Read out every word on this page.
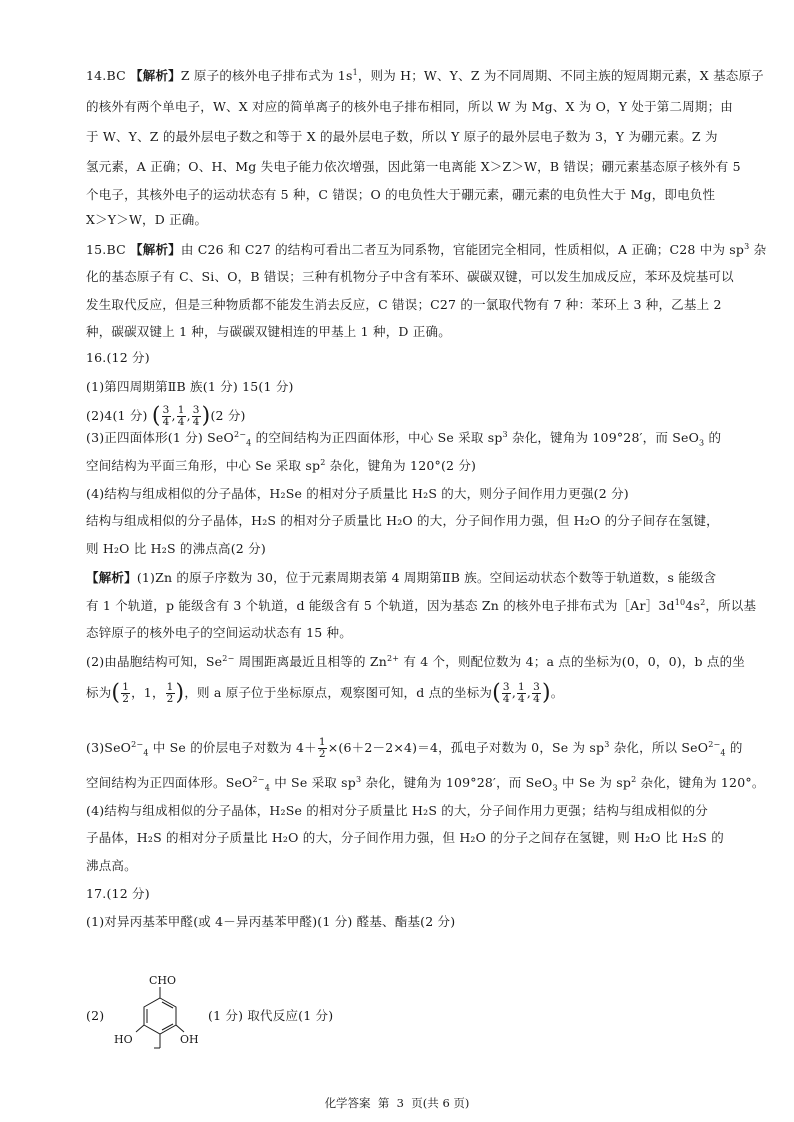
14.BC 【解析】Z 原子的核外电子排布式为 $1s^1$，则为 H；W、Y、Z 为不同周期、不同主族的短周期元素，X 基态原子
的核外有两个单电子，W、X 对应的简单离子的核外电子排布相同，所以 W 为 Mg、X 为 O，Y 处于第二周期；由
于 W、Y、Z 的最外层电子数之和等于 X 的最外层电子数，所以 Y 原子的最外层电子数为 3，Y 为硼元素。Z 为
氢元素，A 正确；O、H、Mg 失电子能力依次增强，因此第一电离能 X＞Z＞W，B 错误；硼元素基态原子核外有 5
个电子，其核外电子的运动状态有 5 种，C 错误；O 的电负性大于硼元素，硼元素的电负性大于 Mg，即电负性
X＞Y＞W，D 正确。
15.BC 【解析】由 C26 和 C27 的结构可看出二者互为同系物，官能团完全相同，性质相似，A 正确；C28 中为 $sp^3$ 杂
化的基态原子有 C、Si、O，B 错误；三种有机物分子中含有苯环、碳碳双键，可以发生加成反应，苯环及烷基可以
发生取代反应，但是三种物质都不能发生消去反应，C 错误；C27 的一氯取代物有 7 种：苯环上 3 种，乙基上 2
种，碳碳双键上 1 种，与碳碳双键相连的甲基上 1 种，D 正确。
16.(12 分)
(1)第四周期第ⅡB 族(1 分) 15(1 分)
(2)4(1 分) ( $\frac{3}{4}$ , $\frac{1}{4}$ , $\frac{3}{4} )(2$ 分)
(3)正四面体形(1 分) SeO$^{2-}_4$ 的空间结构为正四面体形，中心 Se 采取 $sp^3$ 杂化，键角为 109°28′，而 SeO$_3$ 的
空间结构为平面三角形，中心 Se 采取 $sp^2$ 杂化，键角为 120°(2 分)
(4)结构与组成相似的分子晶体，H₂Se 的相对分子质量比 H₂S 的大，则分子间作用力更强(2 分)
结构与组成相似的分子晶体，H₂S 的相对分子质量比 H₂O 的大，分子间作用力强，但 H₂O 的分子间存在氢键，
则 H₂O 比 H₂S 的沸点高(2 分)
【解析】(1)Zn 的原子序数为 30，位于元素周期表第 4 周期第ⅡB 族。空间运动状态个数等于轨道数，s 能级含
有 1 个轨道，p 能级含有 3 个轨道，d 能级含有 5 个轨道，因为基态 Zn 的核外电子排布式为$[Ar]3d^{10}4s^2$，所以基
态锌原子的核外电子的空间运动状态有 15 种。
(2)由晶胞结构可知，$Se^{2-}$ 周围距离最近且相等的 $Zn^{2+}$ 有 4 个，则配位数为 4；a 点的坐标为(0，0，0)，b 点的坐
标为( $\frac{1}{2}$ ，1， $\frac{1}{2}$ )，则 a 原子位于坐标原点，观察图可知，d 点的坐标为( $\frac{3}{4}$ , $\frac{1}{4}$ , $\frac{3}{4}$ )。
(3)SeO$^{2-}_4$ 中 Se 的价层电子对数为 $4+ \frac{1}{2} \times(6+2-2\times 4)=4$，孤电子对数为 0，Se 为 $sp^3$ 杂化，所以 SeO$^{2-}_4$ 的
空间结构为正四面体形。SeO$^{2-}_4$ 中 Se 采取 $sp^3$ 杂化，键角为 109°28′，而 SeO$_3$ 中 Se 为 $sp^2$ 杂化，键角为 120°。
(4)结构与组成相似的分子晶体，H₂Se 的相对分子质量比 H₂S 的大，分子间作用力更强；结构与组成相似的分
子晶体，H₂S 的相对分子质量比 H₂O 的大，分子间作用力强，但 H₂O 的分子之间存在氢键，则 H₂O 比 H₂S 的
沸点高。
17.(12 分)
(1)对异丙基苯甲醛(或 4－异丙基苯甲醛)(1 分) 醛基、酯基(2 分)
(2)	(1 分) 取代反应(1 分)
CHO
HO	OH
化学答案  第  3  页(共 6 页)
